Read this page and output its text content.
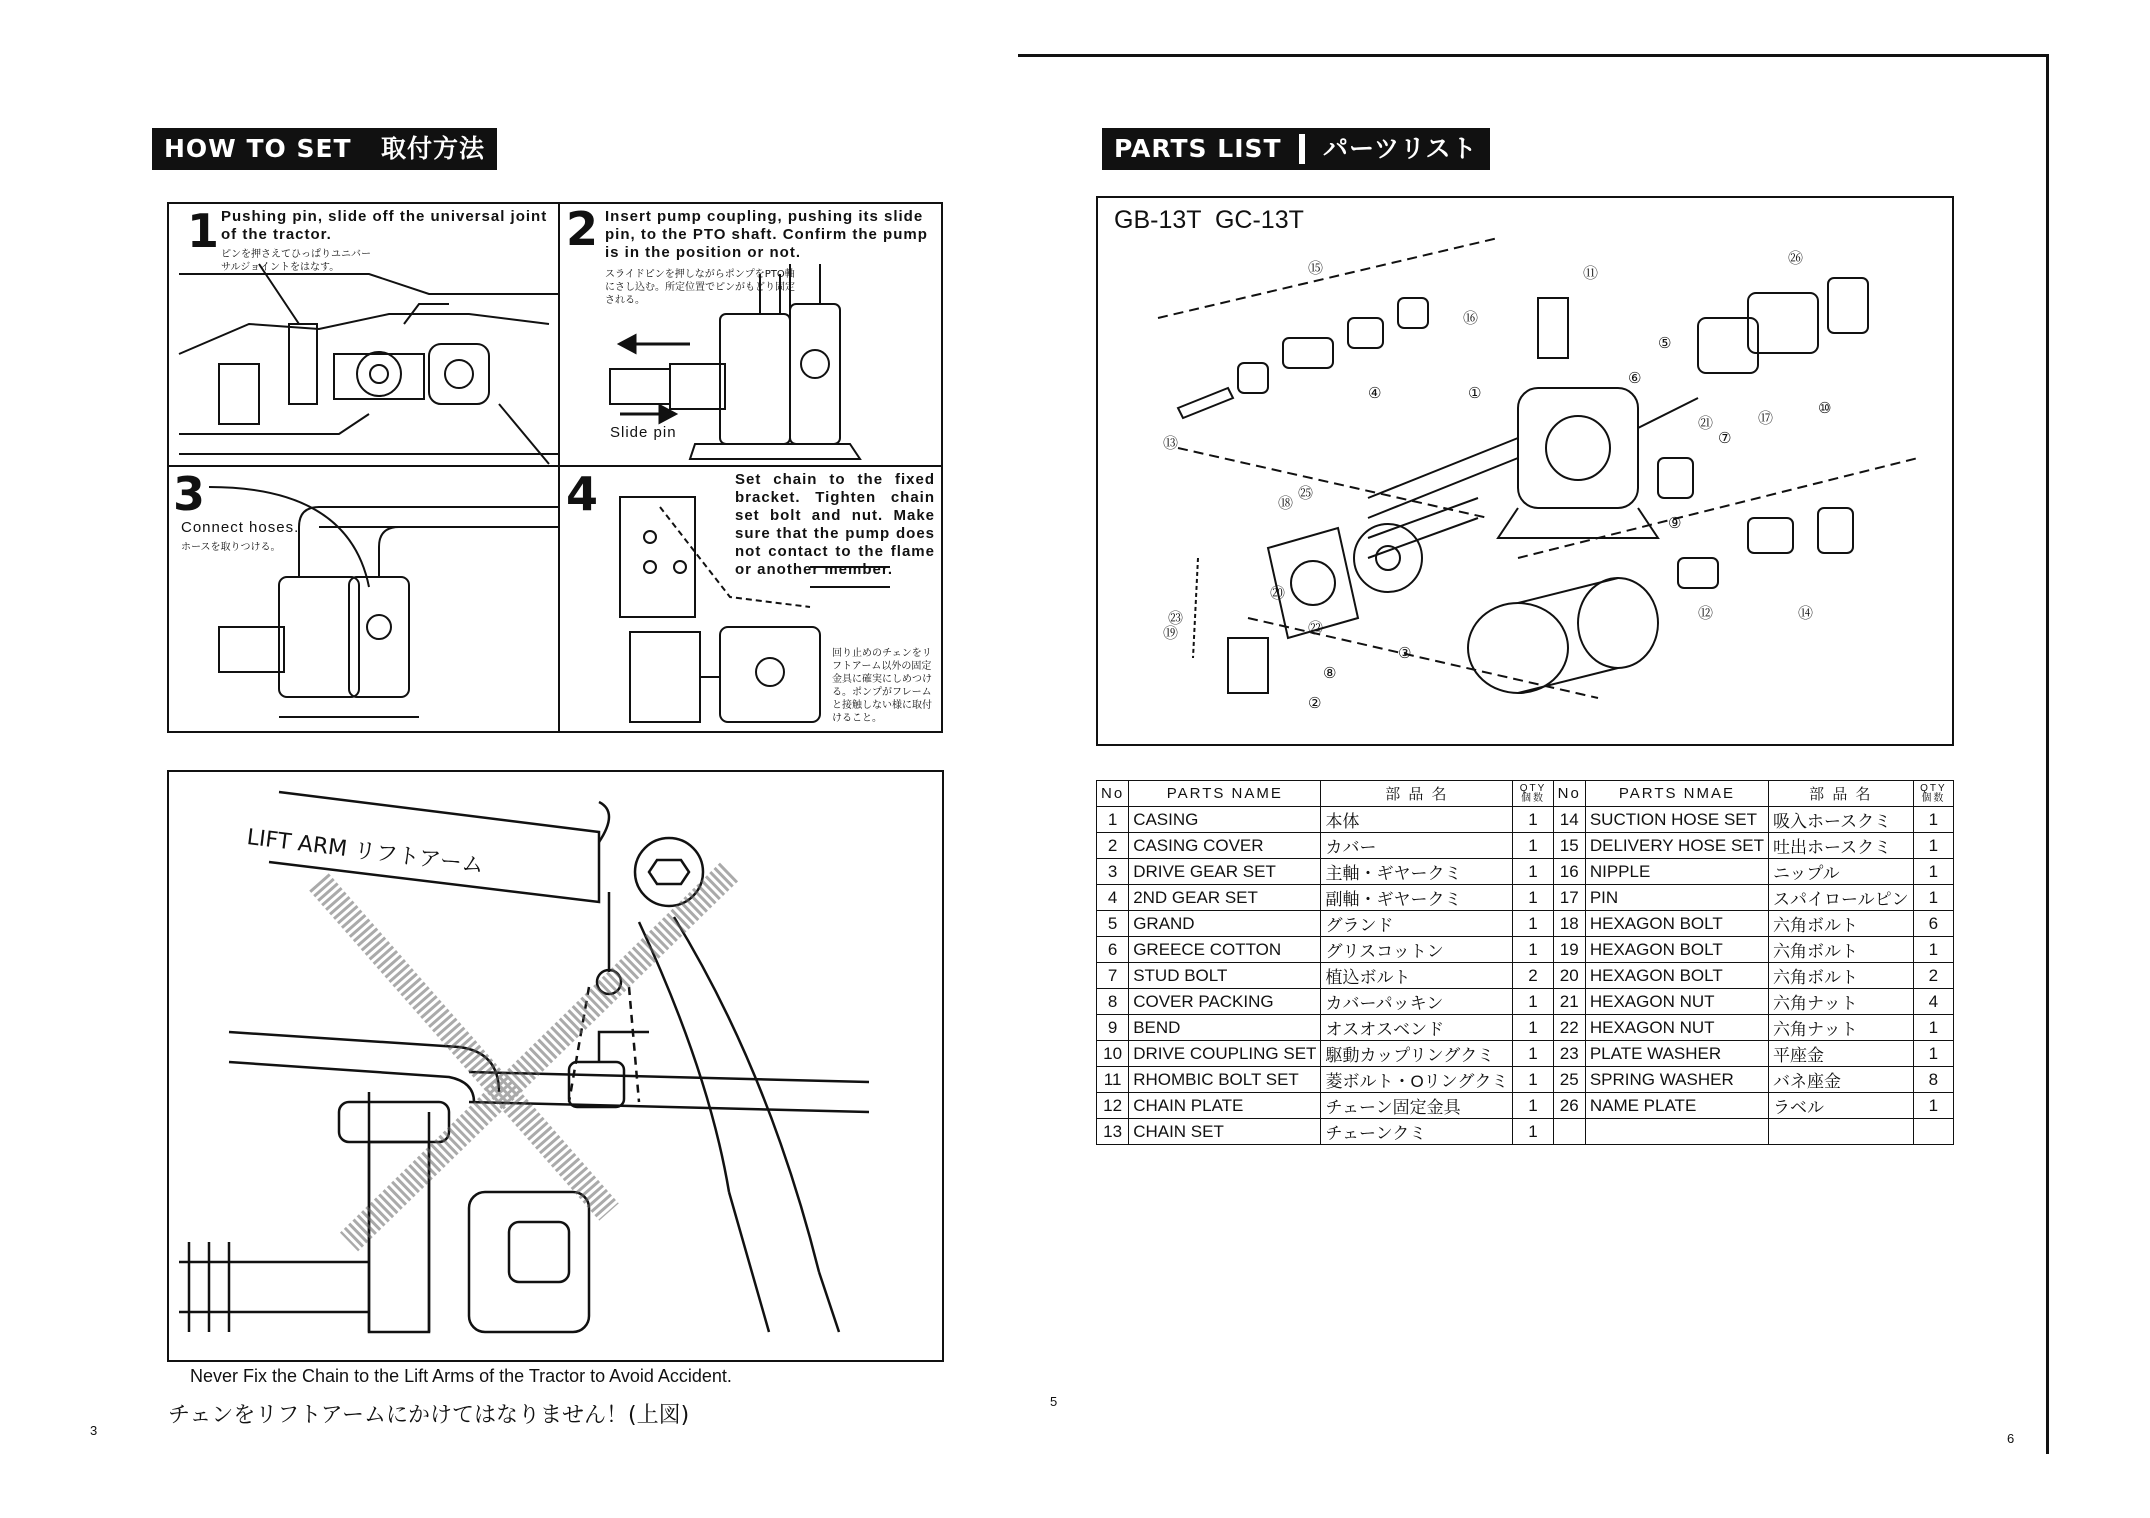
HOW TO SET 取付方法
1 Pushing pin, slide off the universal joint of the tractor.
ピンを押さえてひっぱりユニバーサルジョイントをはなす。
2 Insert pump coupling, pushing its slide pin, to the PTO shaft. Confirm the pump is in the position or not.
スライドピンを押しながらポンプをPTO軸にさし込む。所定位置でピンがもどり固定される。
Slide pin
3
Connect hoses.
ホースを取りつける。
4	Set chain to the fixed bracket. Tighten chain set bolt and nut. Make sure that the pump does not contact to the flame or another member.
回り止めのチェンをリフトアーム以外の固定金具に確実にしめつける。ポンプがフレームと接触しない様に取付けること。
LIFT ARM リフトアーム
Never Fix the Chain to the Lift Arms of the Tractor to Avoid Accident.
チェンをリフトアームにかけてはなりません！(上図)
3
5
PARTS LIST パーツリスト
GB-13T  GC-13T
⑮
⑯
⑪
㉖
④	①
⑥
⑤
⑦
⑩
⑰
㉑
⑨
⑬
⑱
㉕
⑳
㉒
③
⑧
②
⑲
㉓	⑭
⑫
No	PARTS NAME	部 品 名	QTY 個数	No	PARTS NMAE	部 品 名	QTY 個数
1	CASING	本体	1	14	SUCTION HOSE SET	吸入ホースクミ	1
2	CASING COVER	カバー	1	15	DELIVERY HOSE SET	吐出ホースクミ	1
3	DRIVE GEAR SET	主軸・ギヤークミ	1	16	NIPPLE	ニップル	1
4	2ND GEAR SET	副軸・ギヤークミ	1	17	PIN	スパイロールピン	1
5	GRAND	グランド	1	18	HEXAGON BOLT	六角ボルト	6
6	GREECE COTTON	グリスコットン	1	19	HEXAGON BOLT	六角ボルト	1
7	STUD BOLT	植込ボルト	2	20	HEXAGON BOLT	六角ボルト	2
8	COVER PACKING	カバーパッキン	1	21	HEXAGON NUT	六角ナット	4
9	BEND	オスオスベンド	1	22	HEXAGON NUT	六角ナット	1
10	DRIVE COUPLING SET	駆動カップリングクミ	1	23	PLATE WASHER	平座金	1
11	RHOMBIC BOLT SET	菱ボルト・Oリングクミ	1	25	SPRING WASHER	バネ座金	8
12	CHAIN PLATE	チェーン固定金具	1	26	NAME PLATE	ラベル	1
13	CHAIN SET	チェーンクミ	1				
6
